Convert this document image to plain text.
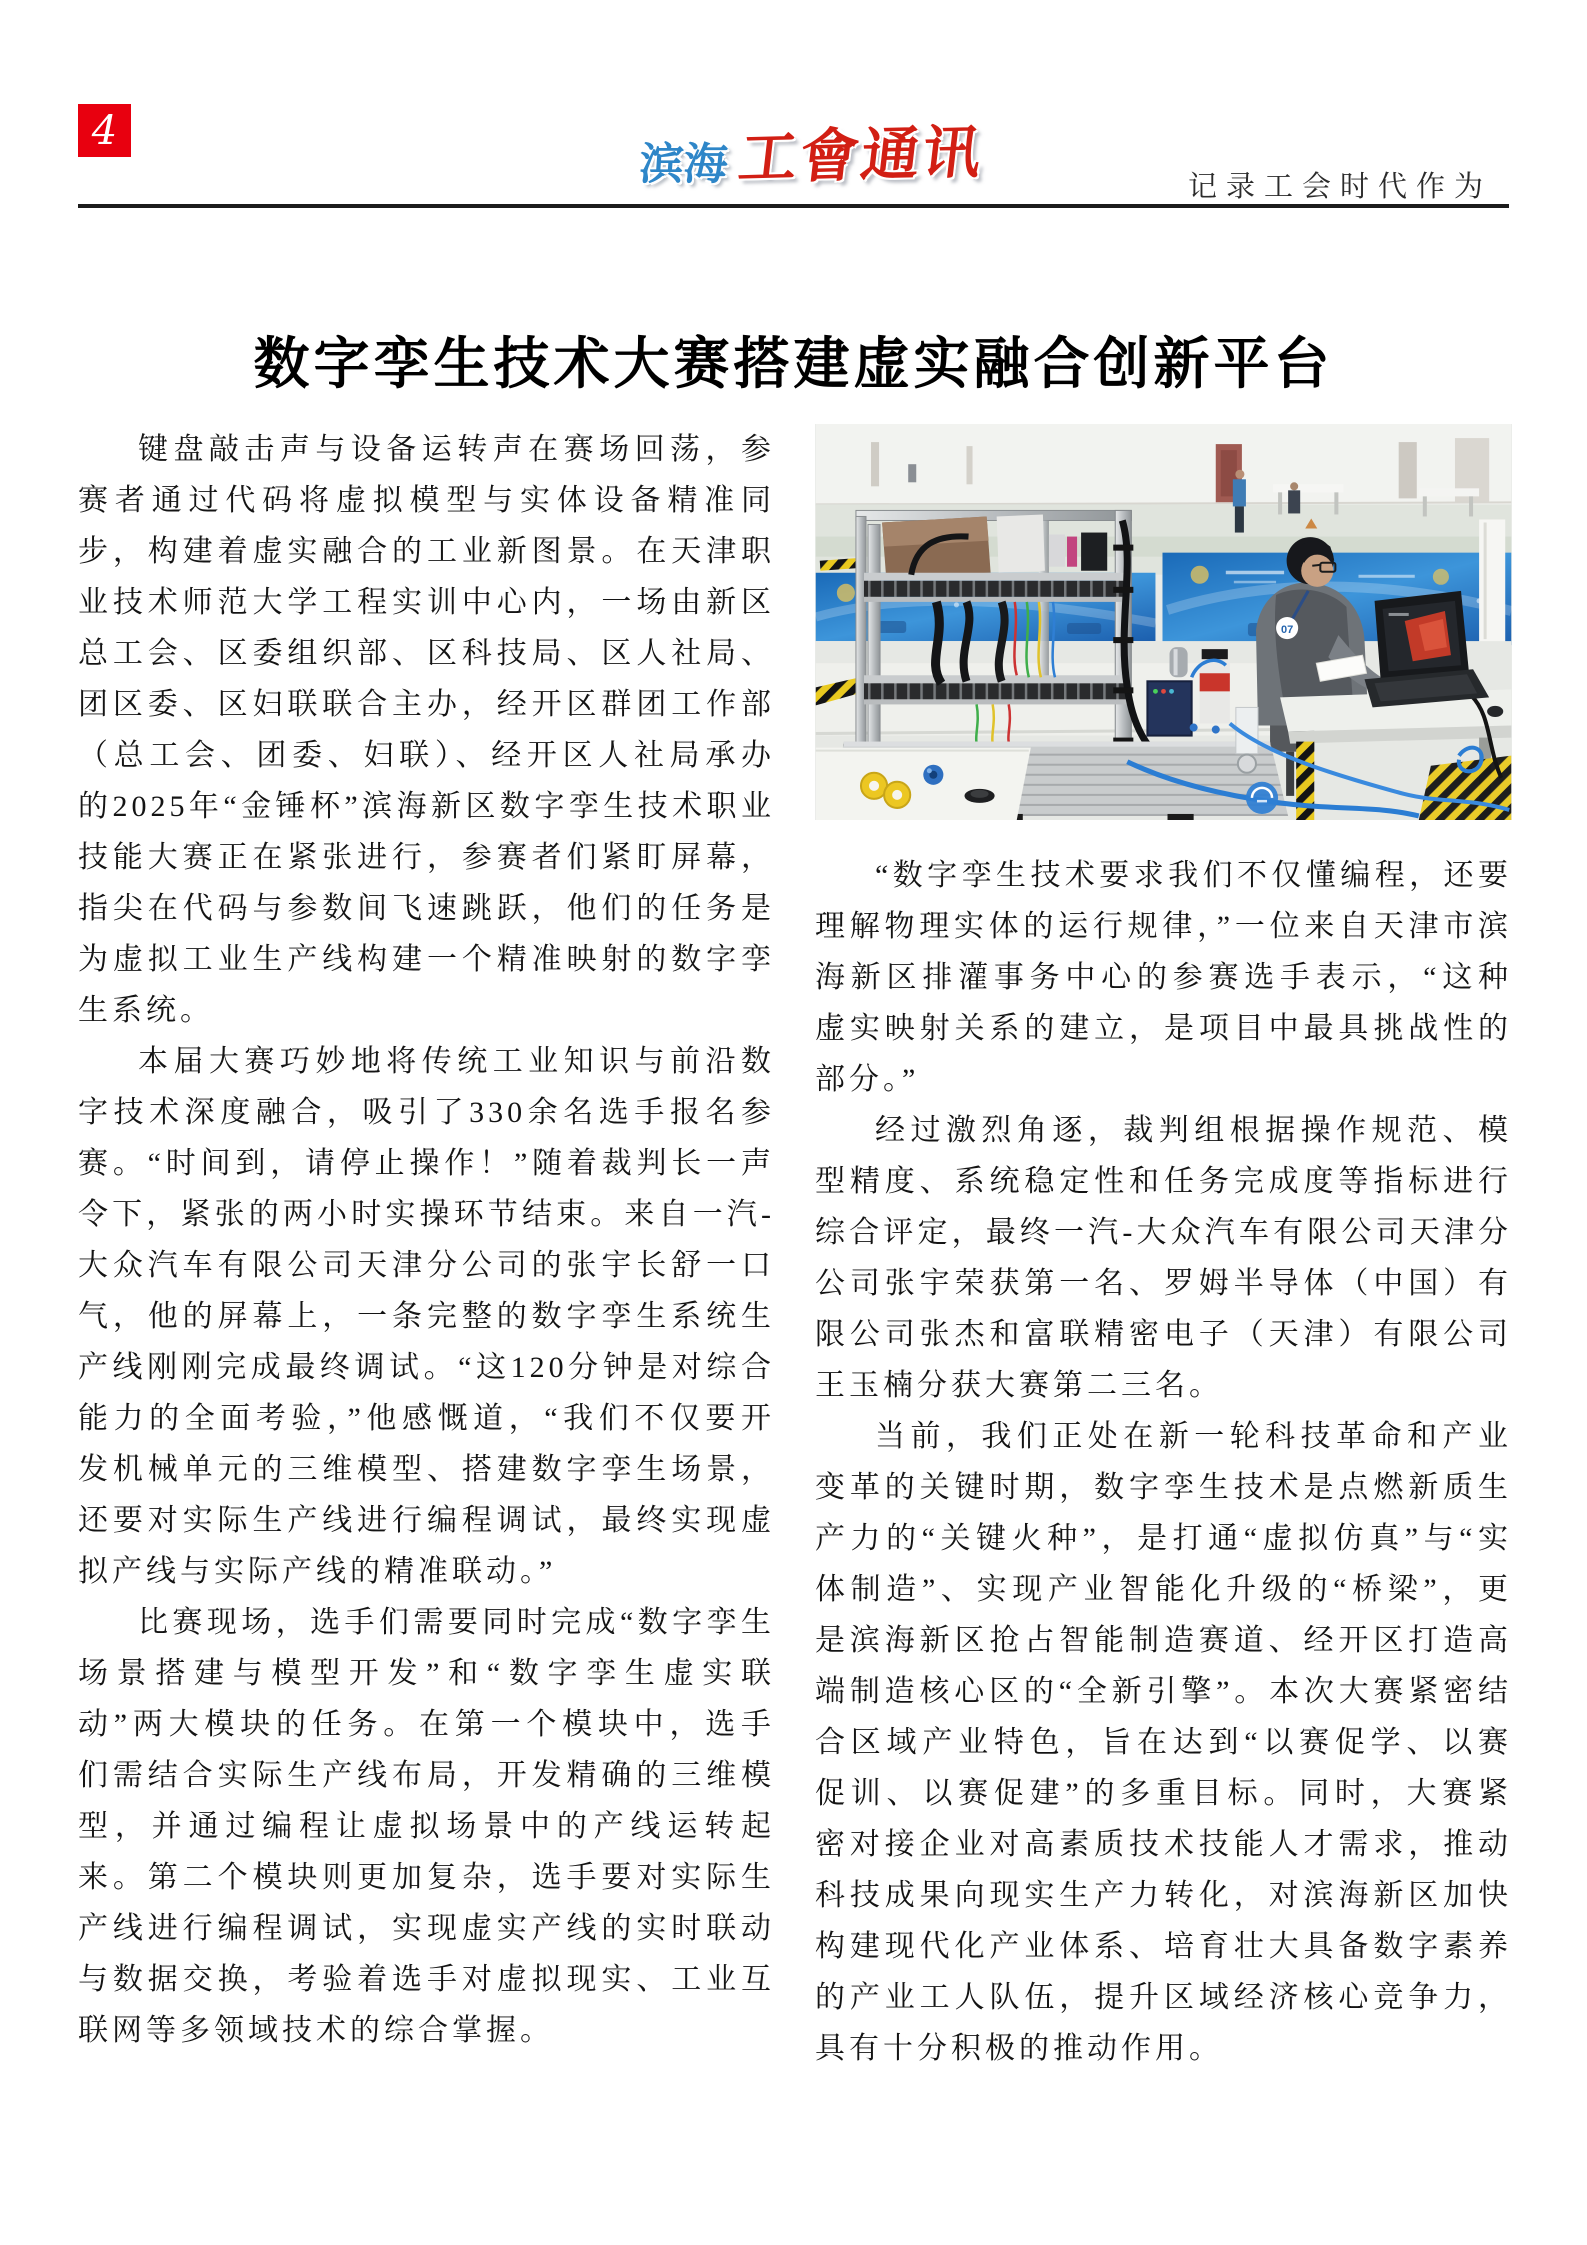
4
滨海 工會通讯	记录工会时代作为
数字孪生技术大赛搭建虚实融合创新平台

键盘敲击声与设备运转声在赛场回荡，参赛者通过代码将虚拟模型与实体设备精准同步，构建着虚实融合的工业新图景。在天津职业技术师范大学工程实训中心内，一场由新区总工会、区委组织部、区科技局、区人社局、团区委、区妇联联合主办，经开区群团工作部（总工会、团委、妇联）、经开区人社局承办的2025年“金锤杯”滨海新区数字孪生技术职业技能大赛正在紧张进行，参赛者们紧盯屏幕，指尖在代码与参数间飞速跳跃，他们的任务是为虚拟工业生产线构建一个精准映射的数字孪生系统。

本届大赛巧妙地将传统工业知识与前沿数字技术深度融合，吸引了330余名选手报名参赛。“时间到，请停止操作！”随着裁判长一声令下，紧张的两小时实操环节结束。来自一汽-大众汽车有限公司天津分公司的张宇长舒一口气，他的屏幕上，一条完整的数字孪生系统生产线刚刚完成最终调试。“这120分钟是对综合能力的全面考验，”他感慨道，“我们不仅要开发机械单元的三维模型、搭建数字孪生场景，还要对实际生产线进行编程调试，最终实现虚拟产线与实际产线的精准联动。”

比赛现场，选手们需要同时完成“数字孪生场景搭建与模型开发”和“数字孪生虚实联动”两大模块的任务。在第一个模块中，选手们需结合实际生产线布局，开发精确的三维模型，并通过编程让虚拟场景中的产线运转起来。第二个模块则更加复杂，选手要对实际生产线进行编程调试，实现虚实产线的实时联动与数据交换，考验着选手对虚拟现实、工业互联网等多领域技术的综合掌握。

07

“数字孪生技术要求我们不仅懂编程，还要理解物理实体的运行规律，”一位来自天津市滨海新区排灌事务中心的参赛选手表示，“这种虚实映射关系的建立，是项目中最具挑战性的部分。”

经过激烈角逐，裁判组根据操作规范、模型精度、系统稳定性和任务完成度等指标进行综合评定，最终一汽-大众汽车有限公司天津分公司张宇荣获第一名、罗姆半导体（中国）有限公司张杰和富联精密电子（天津）有限公司王玉楠分获大赛第二三名。

当前，我们正处在新一轮科技革命和产业变革的关键时期，数字孪生技术是点燃新质生产力的“关键火种”，是打通“虚拟仿真”与“实体制造”、实现产业智能化升级的“桥梁”，更是滨海新区抢占智能制造赛道、经开区打造高端制造核心区的“全新引擎”。本次大赛紧密结合区域产业特色，旨在达到“以赛促学、以赛促训、以赛促建”的多重目标。同时，大赛紧密对接企业对高素质技术技能人才需求，推动科技成果向现实生产力转化，对滨海新区加快构建现代化产业体系、培育壮大具备数字素养的产业工人队伍，提升区域经济核心竞争力，具有十分积极的推动作用。
